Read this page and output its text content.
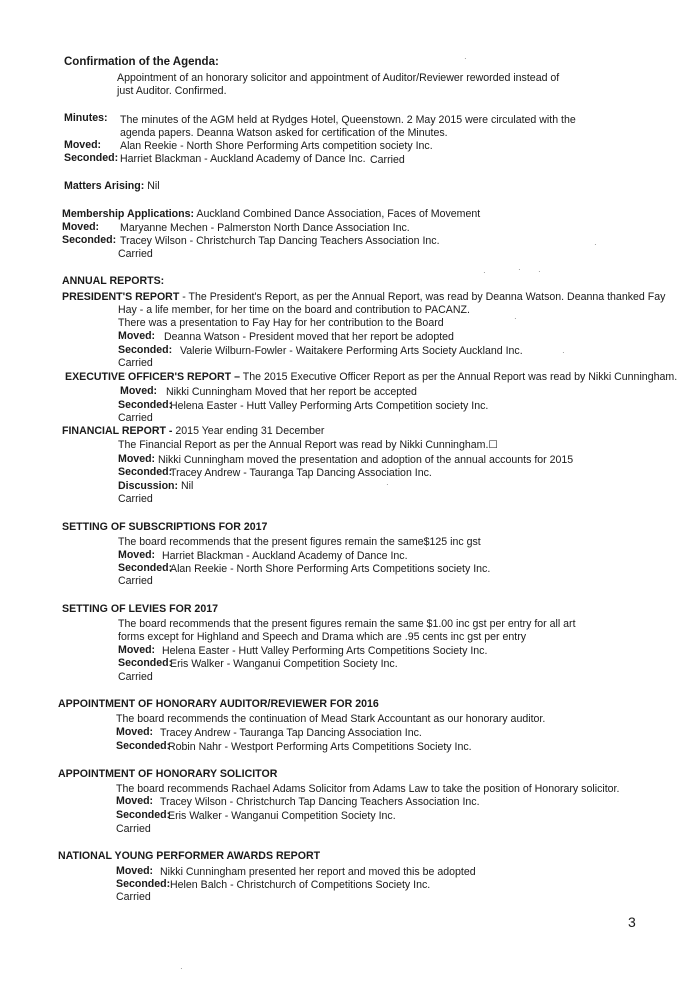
Confirmation of the Agenda:
Appointment of an honorary solicitor and appointment of Auditor/Reviewer reworded instead of
just Auditor. Confirmed.
Minutes: The minutes of the AGM held at Rydges Hotel, Queenstown. 2 May 2015 were circulated with the
agenda papers. Deanna Watson asked for certification of the Minutes.
Moved: Alan Reekie - North Shore Performing Arts competition society Inc.
Seconded: Harriet Blackman - Auckland Academy of Dance Inc. Carried
Matters Arising: Nil
Membership Applications: Auckland Combined Dance Association, Faces of Movement
Moved: Maryanne Mechen - Palmerston North Dance Association Inc.
Seconded: Tracey Wilson - Christchurch Tap Dancing Teachers Association Inc.
Carried
ANNUAL REPORTS:
PRESIDENT'S REPORT - The President's Report, as per the Annual Report, was read by Deanna Watson. Deanna thanked Fay
Hay - a life member, for her time on the board and contribution to PACANZ.
There was a presentation to Fay Hay for her contribution to the Board
Moved: Deanna Watson - President moved that her report be adopted
Seconded: Valerie Wilburn-Fowler - Waitakere Performing Arts Society Auckland Inc.
Carried
EXECUTIVE OFFICER'S REPORT – The 2015 Executive Officer Report as per the Annual Report was read by Nikki Cunningham.
Moved: Nikki Cunningham Moved that her report be accepted
Seconded:
Helena Easter - Hutt Valley Performing Arts Competition society Inc.
Carried
FINANCIAL REPORT - 2015 Year ending 31 December
The Financial Report as per the Annual Report was read by Nikki Cunningham.☐
Moved: Nikki Cunningham moved the presentation and adoption of the annual accounts for 2015
Seconded:
Tracey Andrew - Tauranga Tap Dancing Association Inc.
Discussion: Nil
Carried
SETTING OF SUBSCRIPTIONS FOR 2017
The board recommends that the present figures remain the same$125 inc gst
Moved: Harriet Blackman - Auckland Academy of Dance Inc.
Seconded:
Alan Reekie - North Shore Performing Arts Competitions society Inc.
Carried
SETTING OF LEVIES FOR 2017
The board recommends that the present figures remain the same $1.00 inc gst per entry for all art
forms except for Highland and Speech and Drama which are .95 cents inc gst per entry
Moved: Helena Easter - Hutt Valley Performing Arts Competitions Society Inc.
Seconded:
Eris Walker - Wanganui Competition Society Inc.
Carried
APPOINTMENT OF HONORARY AUDITOR/REVIEWER FOR 2016
The board recommends the continuation of Mead Stark Accountant as our honorary auditor.
Moved: Tracey Andrew - Tauranga Tap Dancing Association Inc.
Seconded:
Robin Nahr - Westport Performing Arts Competitions Society Inc.
APPOINTMENT OF HONORARY SOLICITOR
The board recommends Rachael Adams Solicitor from Adams Law to take the position of Honorary solicitor.
Moved: Tracey Wilson - Christchurch Tap Dancing Teachers Association Inc.
Seconded:
Eris Walker - Wanganui Competition Society Inc.
Carried
NATIONAL YOUNG PERFORMER AWARDS REPORT
Moved: Nikki Cunningham presented her report and moved this be adopted
Seconded: Helen Balch - Christchurch of Competitions Society Inc.
Carried
3
·
·
·	· ·
·
·
·
·
